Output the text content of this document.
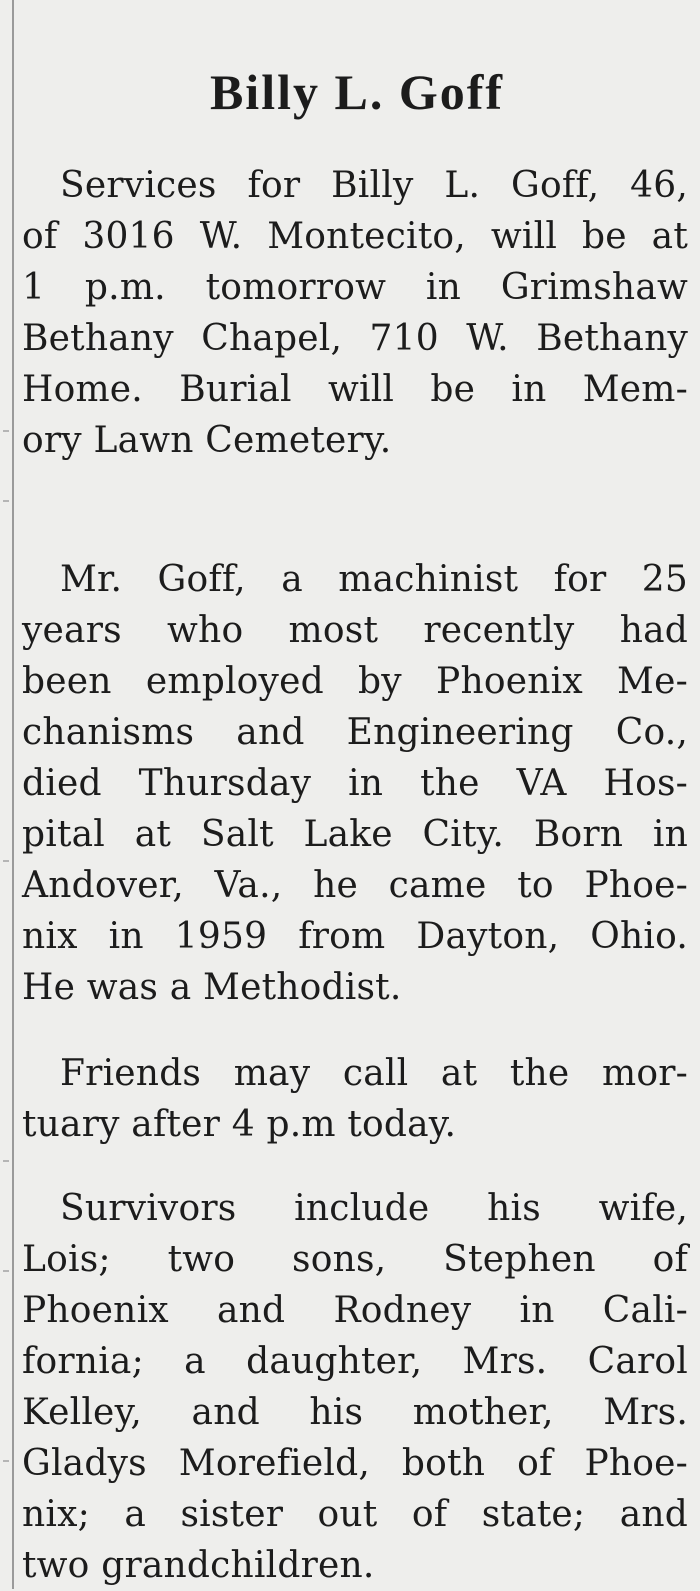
Billy L. Goff
Services for Billy L. Goff, 46,
of 3016 W. Montecito, will be at
1 p.m. tomorrow in Grimshaw
Bethany Chapel, 710 W. Bethany
Home. Burial will be in Mem-
ory Lawn Cemetery.
Mr. Goff, a machinist for 25
years who most recently had
been employed by Phoenix Me-
chanisms and Engineering Co.,
died Thursday in the VA Hos-
pital at Salt Lake City. Born in
Andover, Va., he came to Phoe-
nix in 1959 from Dayton, Ohio.
He was a Methodist.
Friends may call at the mor-
tuary after 4 p.m today.
Survivors include his wife,
Lois; two sons, Stephen of
Phoenix and Rodney in Cali-
fornia; a daughter, Mrs. Carol
Kelley, and his mother, Mrs.
Gladys Morefield, both of Phoe-
nix; a sister out of state; and
two grandchildren.
